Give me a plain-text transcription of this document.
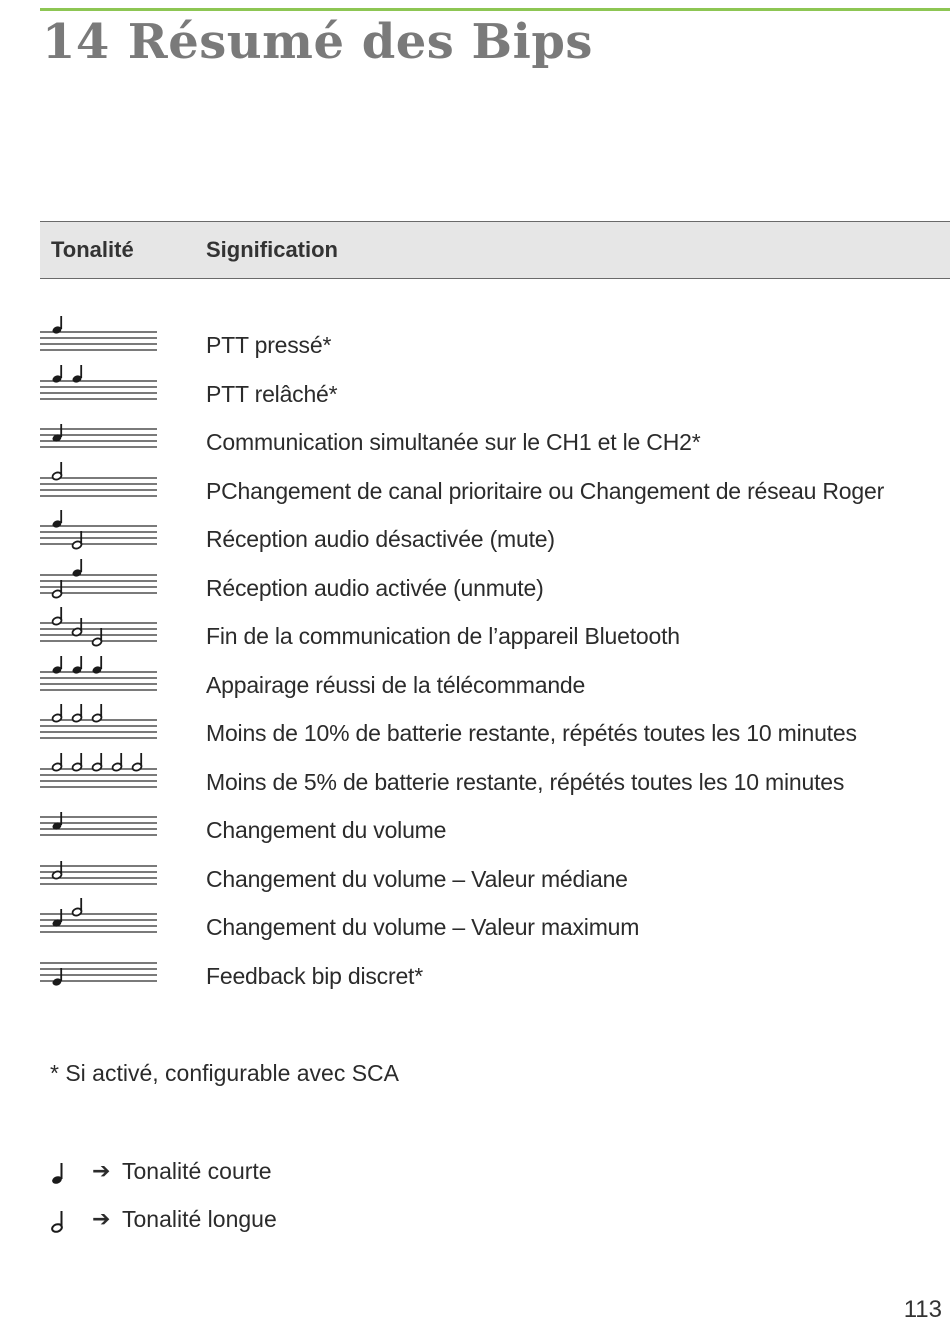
14 Résumé des Bips
Tonalité	Signification
PTT pressé*
PTT relâché*
Communication simultanée sur le CH1 et le CH2*
PChangement de canal prioritaire ou Changement de réseau Roger
Réception audio désactivée (mute)
Réception audio activée (unmute)
Fin de la communication de l’appareil Bluetooth
Appairage réussi de la télécommande
Moins de 10% de batterie restante, répétés toutes les 10 minutes
Moins de 5% de batterie restante, répétés toutes les 10 minutes
Changement du volume
Changement du volume – Valeur médiane
Changement du volume – Valeur maximum
Feedback bip discret*
* Si activé, configurable avec SCA
➔ Tonalité courte
➔ Tonalité longue
113
